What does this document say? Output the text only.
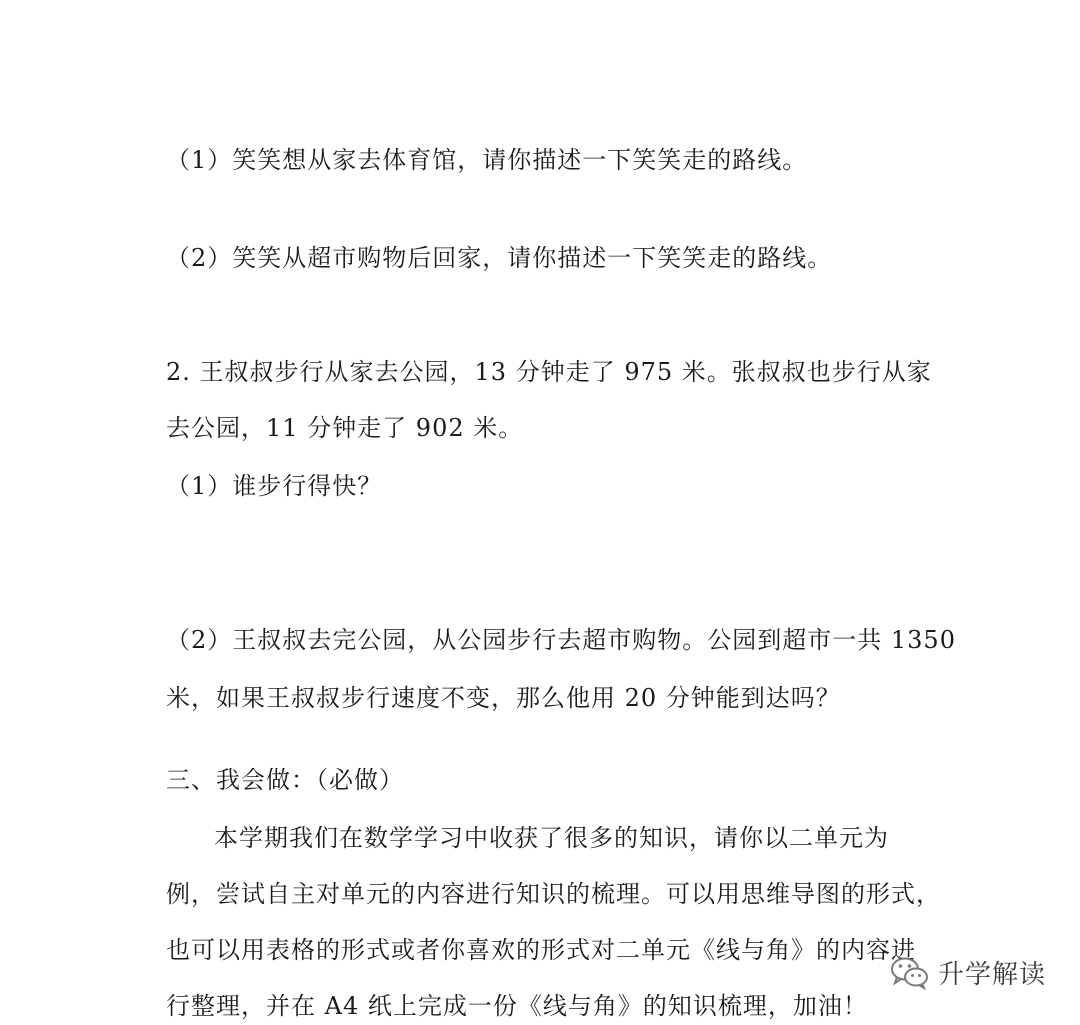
（1）笑笑想从家去体育馆，请你描述一下笑笑走的路线。
（2）笑笑从超市购物后回家，请你描述一下笑笑走的路线。
2. 王叔叔步行从家去公园，13 分钟走了 975 米。张叔叔也步行从家
去公园，11 分钟走了 902 米。
（1）谁步行得快？
（2）王叔叔去完公园，从公园步行去超市购物。公园到超市一共 1350
米，如果王叔叔步行速度不变，那么他用 20 分钟能到达吗？
三、我会做：（必做）
本学期我们在数学学习中收获了很多的知识，请你以二单元为
例，尝试自主对单元的内容进行知识的梳理。可以用思维导图的形式，
也可以用表格的形式或者你喜欢的形式对二单元《线与角》的内容进
行整理，并在 A4 纸上完成一份《线与角》的知识梳理，加油！
升学解读
